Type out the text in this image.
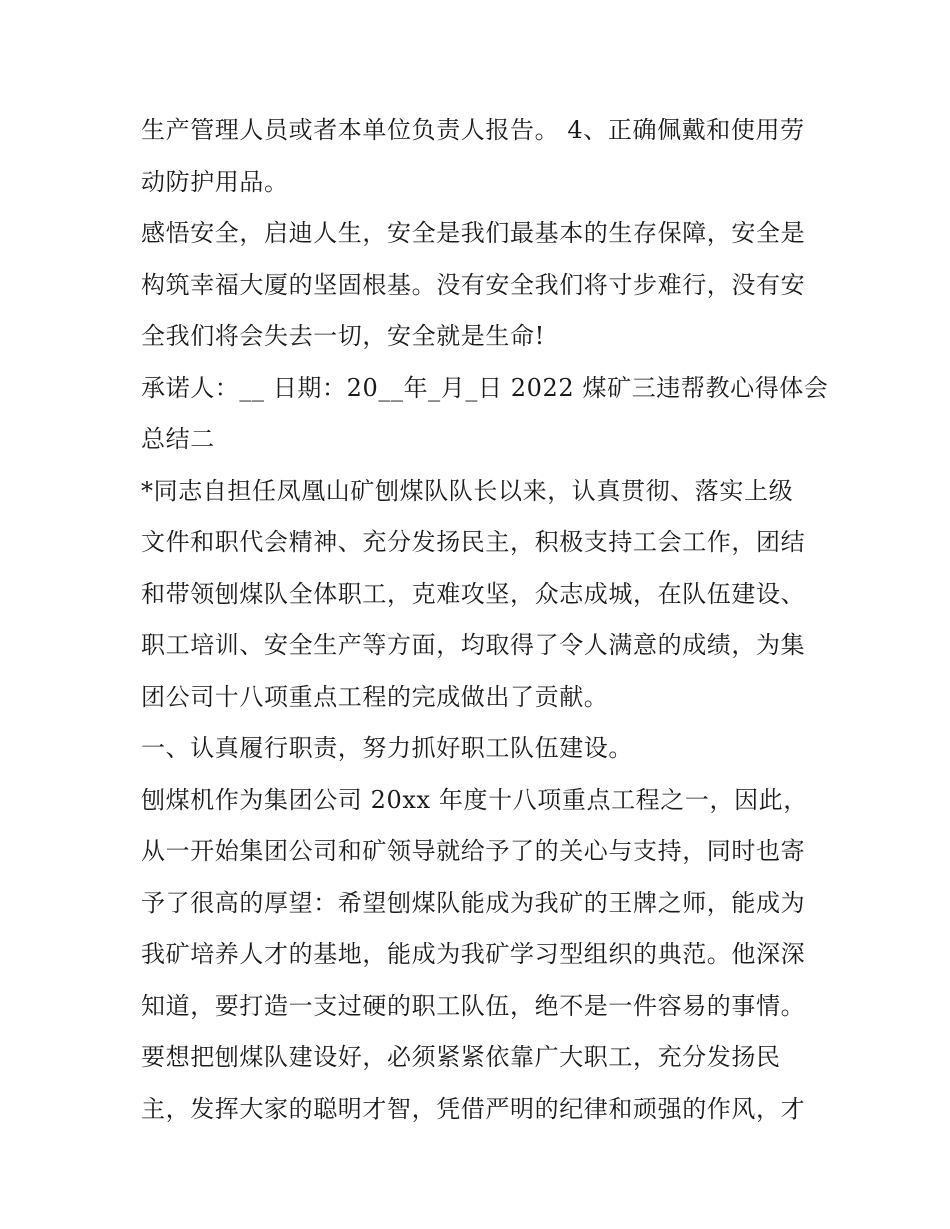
生产管理人员或者本单位负责人报告。 4、正确佩戴和使用劳
动防护用品。
感悟安全，启迪人生，安全是我们最基本的生存保障，安全是
构筑幸福大厦的坚固根基。没有安全我们将寸步难行，没有安
全我们将会失去一切，安全就是生命!
承诺人：__ 日期：20__年_月_日 2022 煤矿三违帮教心得体会
总结二
*同志自担任凤凰山矿刨煤队队长以来，认真贯彻、落实上级
文件和职代会精神、充分发扬民主，积极支持工会工作，团结
和带领刨煤队全体职工，克难攻坚，众志成城，在队伍建设、
职工培训、安全生产等方面，均取得了令人满意的成绩，为集
团公司十八项重点工程的完成做出了贡献。
一、认真履行职责，努力抓好职工队伍建设。
刨煤机作为集团公司 20xx 年度十八项重点工程之一，因此，
从一开始集团公司和矿领导就给予了的关心与支持，同时也寄
予了很高的厚望：希望刨煤队能成为我矿的王牌之师，能成为
我矿培养人才的基地，能成为我矿学习型组织的典范。他深深
知道，要打造一支过硬的职工队伍，绝不是一件容易的事情。
要想把刨煤队建设好，必须紧紧依靠广大职工，充分发扬民
主，发挥大家的聪明才智，凭借严明的纪律和顽强的作风，才
